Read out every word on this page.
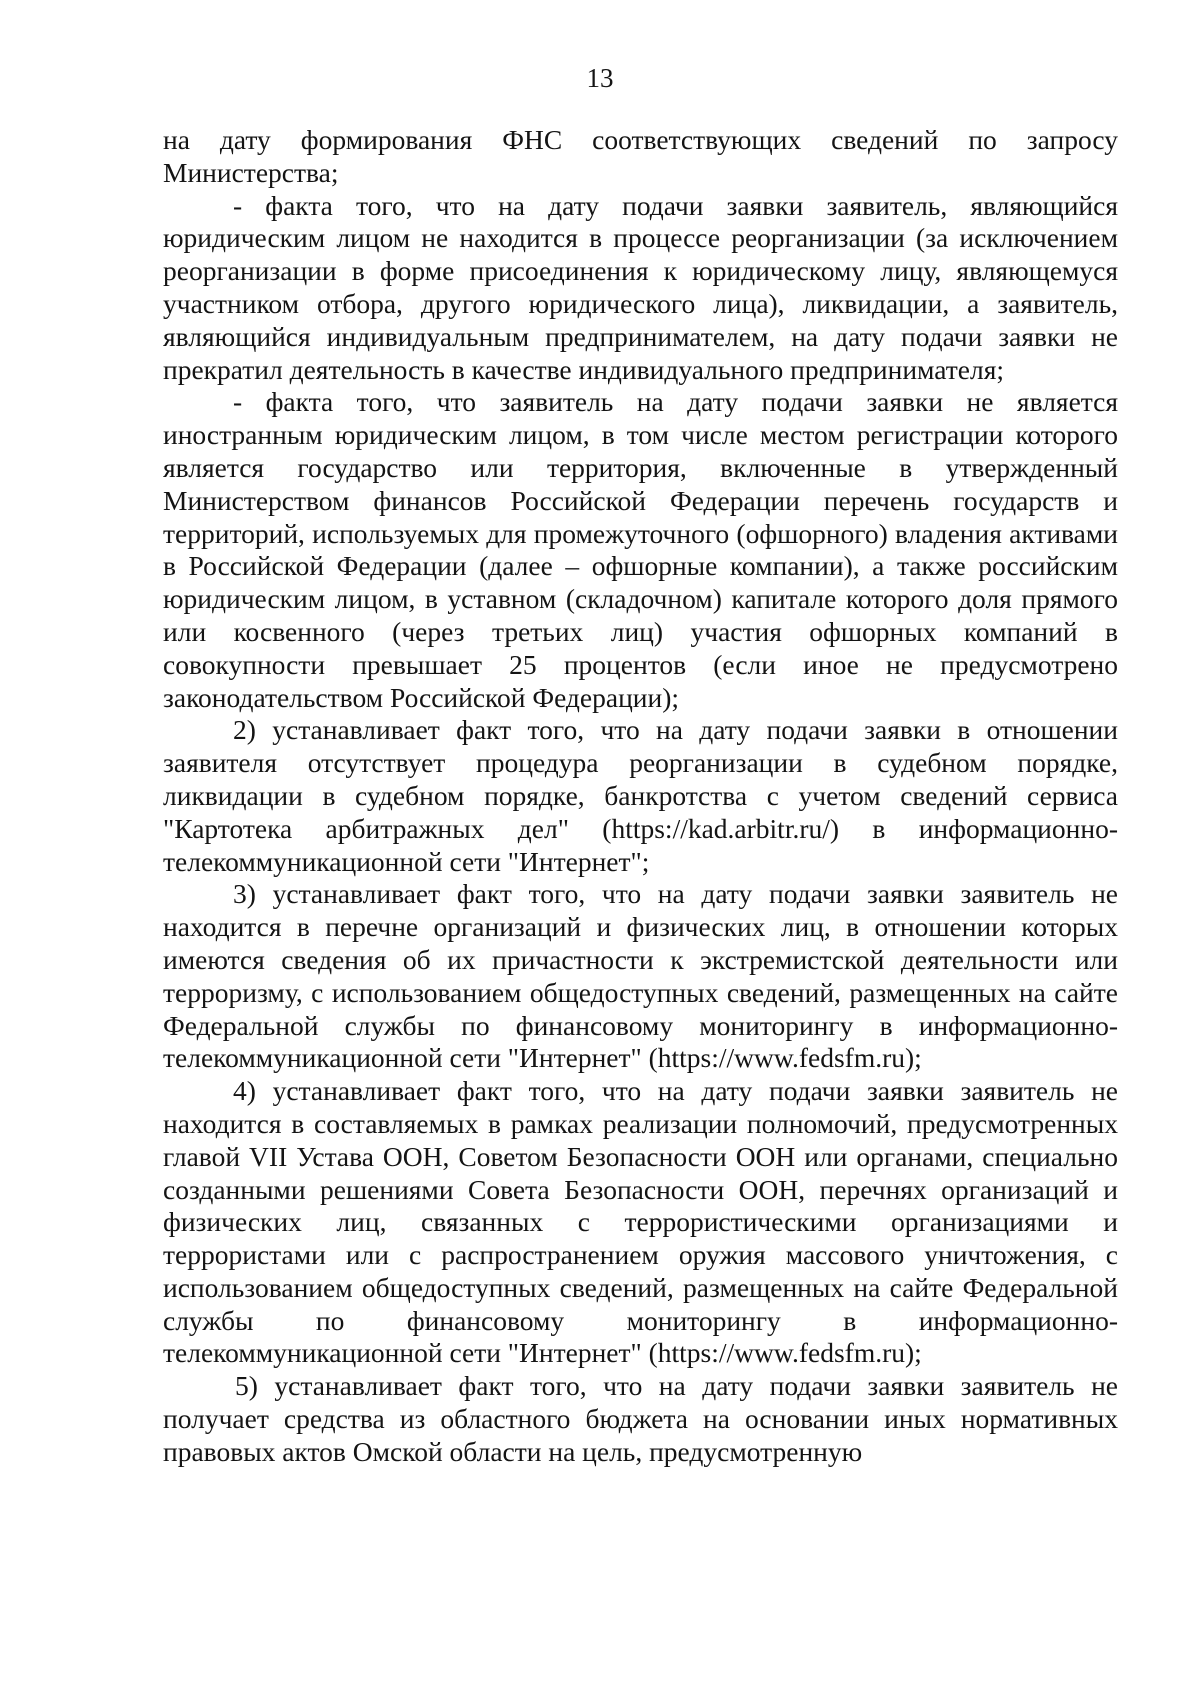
13

на дату формирования ФНС соответствующих сведений по запросу Министерства;

- факта того, что на дату подачи заявки заявитель, являющийся юридическим лицом не находится в процессе реорганизации (за исключением реорганизации в форме присоединения к юридическому лицу, являющемуся участником отбора, другого юридического лица), ликвидации, а заявитель, являющийся индивидуальным предпринимателем, на дату подачи заявки не прекратил деятельность в качестве индивидуального предпринимателя;

- факта того, что заявитель на дату подачи заявки не является иностранным юридическим лицом, в том числе местом регистрации которого является государство или территория, включенные в утвержденный Министерством финансов Российской Федерации перечень государств и территорий, используемых для промежуточного (офшорного) владения активами в Российской Федерации (далее – офшорные компании), а также российским юридическим лицом, в уставном (складочном) капитале которого доля прямого или косвенного (через третьих лиц) участия офшорных компаний в совокупности превышает 25 процентов (если иное не предусмотрено законодательством Российской Федерации);

2) устанавливает факт того, что на дату подачи заявки в отношении заявителя отсутствует процедура реорганизации в судебном порядке, ликвидации в судебном порядке, банкротства с учетом сведений сервиса "Картотека арбитражных дел" (https://kad.arbitr.ru/) в информационно-телекоммуникационной сети "Интернет";

3) устанавливает факт того, что на дату подачи заявки заявитель не находится в перечне организаций и физических лиц, в отношении которых имеются сведения об их причастности к экстремистской деятельности или терроризму, с использованием общедоступных сведений, размещенных на сайте Федеральной службы по финансовому мониторингу в информационно-телекоммуникационной сети "Интернет" (https://www.fedsfm.ru);

4) устанавливает факт того, что на дату подачи заявки заявитель не находится в составляемых в рамках реализации полномочий, предусмотренных главой VII Устава ООН, Советом Безопасности ООН или органами, специально созданными решениями Совета Безопасности ООН, перечнях организаций и физических лиц, связанных с террористическими организациями и террористами или с распространением оружия массового уничтожения, с использованием общедоступных сведений, размещенных на сайте Федеральной службы по финансовому мониторингу в информационно-телекоммуникационной сети "Интернет" (https://www.fedsfm.ru);

5) устанавливает факт того, что на дату подачи заявки заявитель не получает средства из областного бюджета на основании иных нормативных правовых актов Омской области на цель, предусмотренную
